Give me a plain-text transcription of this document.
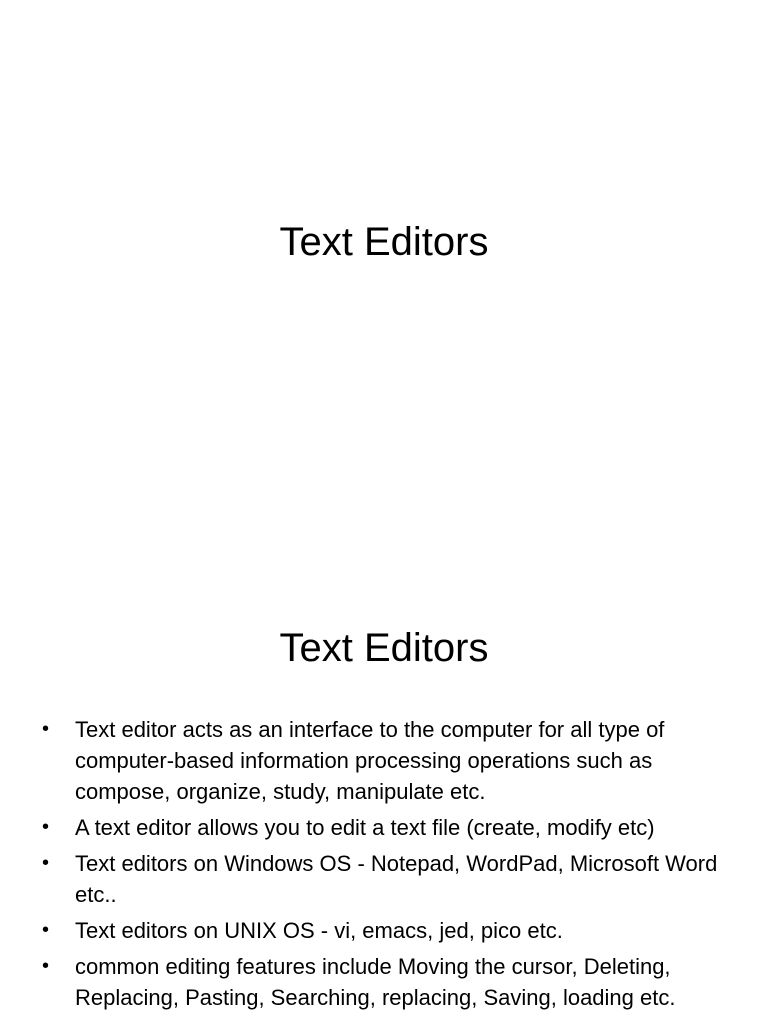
Text Editors
Text Editors
• Text editor acts as an interface to the computer for all type of computer-based information processing operations such as compose, organize, study, manipulate etc.
• A text editor allows you to edit a text file (create, modify etc)
• Text editors on Windows OS - Notepad, WordPad, Microsoft Word etc..
• Text editors on UNIX OS - vi, emacs, jed, pico etc.
• common editing features include Moving the cursor, Deleting, Replacing, Pasting, Searching, replacing, Saving, loading etc.
